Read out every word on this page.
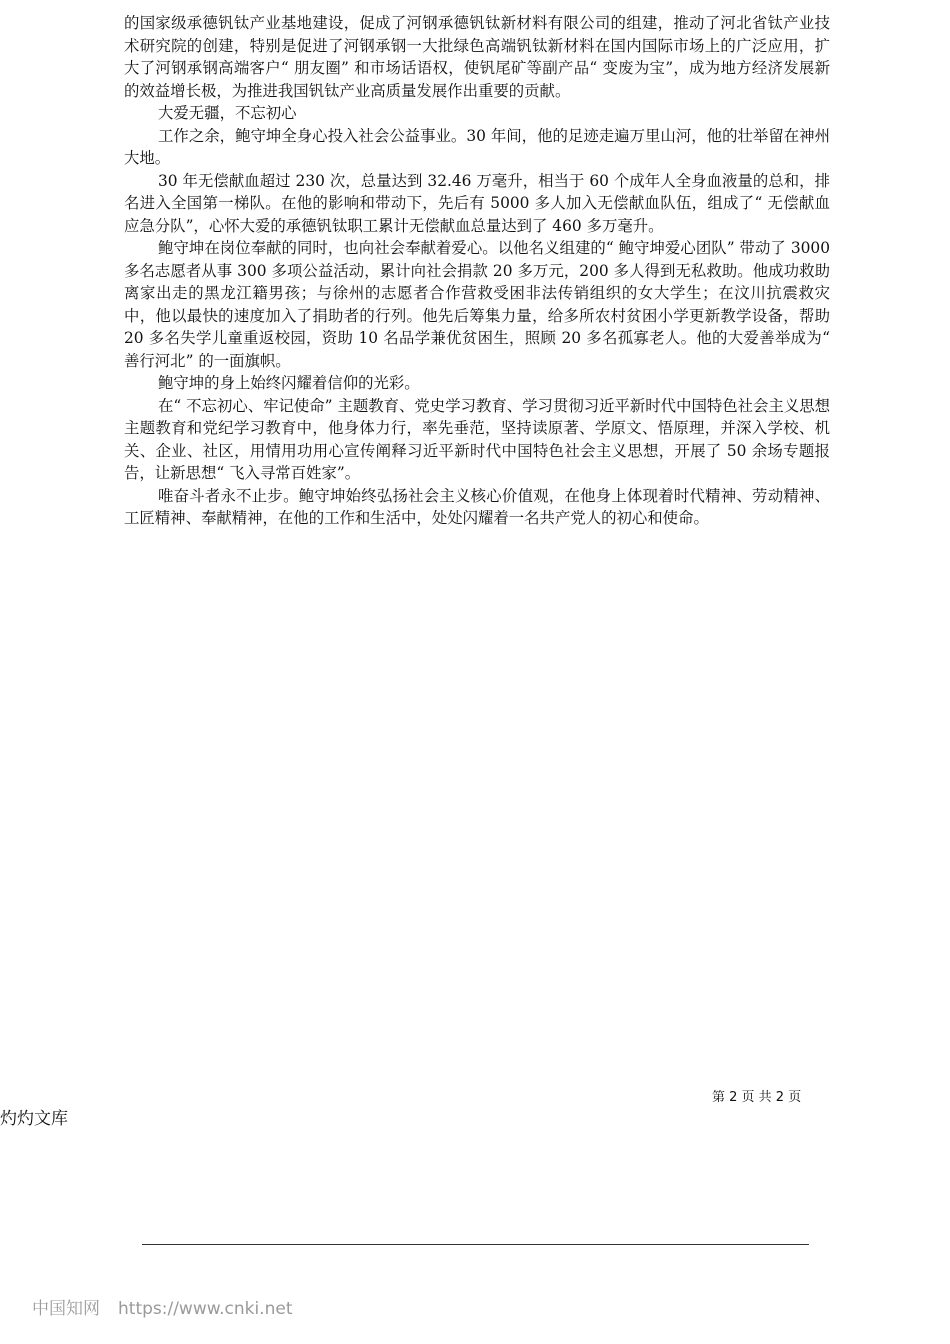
的国家级承德钒钛产业基地建设，促成了河钢承德钒钛新材料有限公司的组建，推动了河北省钛产业技术研究院的创建，特别是促进了河钢承钢一大批绿色高端钒钛新材料在国内国际市场上的广泛应用，扩大了河钢承钢高端客户“ 朋友圈” 和市场话语权，使钒尾矿等副产品“ 变废为宝”，成为地方经济发展新的效益增长极，为推进我国钒钛产业高质量发展作出重要的贡献。

大爱无疆，不忘初心

工作之余，鲍守坤全身心投入社会公益事业。30 年间，他的足迹走遍万里山河，他的壮举留在神州大地。

30 年无偿献血超过 230 次，总量达到 32.46 万毫升，相当于 60 个成年人全身血液量的总和，排名进入全国第一梯队。在他的影响和带动下，先后有 5000 多人加入无偿献血队伍，组成了“ 无偿献血应急分队”，心怀大爱的承德钒钛职工累计无偿献血总量达到了 460 多万毫升。

鲍守坤在岗位奉献的同时，也向社会奉献着爱心。以他名义组建的“ 鲍守坤爱心团队” 带动了 3000 多名志愿者从事 300 多项公益活动，累计向社会捐款 20 多万元，200 多人得到无私救助。他成功救助离家出走的黑龙江籍男孩；与徐州的志愿者合作营救受困非法传销组织的女大学生；在汶川抗震救灾中，他以最快的速度加入了捐助者的行列。他先后筹集力量，给多所农村贫困小学更新教学设备，帮助 20 多名失学儿童重返校园，资助 10 名品学兼优贫困生，照顾 20 多名孤寡老人。他的大爱善举成为“ 善行河北” 的一面旗帜。

鲍守坤的身上始终闪耀着信仰的光彩。

在“ 不忘初心、牢记使命” 主题教育、党史学习教育、学习贯彻习近平新时代中国特色社会主义思想主题教育和党纪学习教育中，他身体力行，率先垂范，坚持读原著、学原文、悟原理，并深入学校、机关、企业、社区，用情用功用心宣传阐释习近平新时代中国特色社会主义思想，开展了 50 余场专题报告，让新思想“ 飞入寻常百姓家”。

唯奋斗者永不止步。鲍守坤始终弘扬社会主义核心价值观，在他身上体现着时代精神、劳动精神、工匠精神、奉献精神，在他的工作和生活中，处处闪耀着一名共产党人的初心和使命。

第 2 页 共 2 页
灼灼文库
中国知网 https://www.cnki.net
